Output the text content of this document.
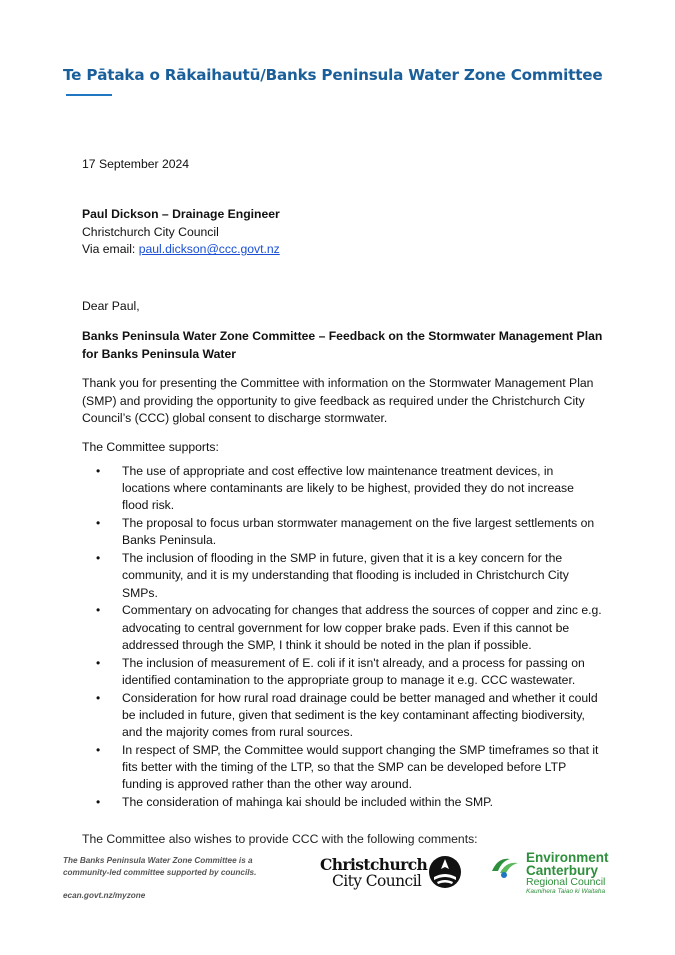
Te Pātaka o Rākaihautū/Banks Peninsula Water Zone Committee
17 September 2024
Paul Dickson – Drainage Engineer
Christchurch City Council
Via email: paul.dickson@ccc.govt.nz
Dear Paul,
Banks Peninsula Water Zone Committee – Feedback on the Stormwater Management Plan for Banks Peninsula Water
Thank you for presenting the Committee with information on the Stormwater Management Plan (SMP) and providing the opportunity to give feedback as required under the Christchurch City Council’s (CCC) global consent to discharge stormwater.
The Committee supports:
• The use of appropriate and cost effective low maintenance treatment devices, in locations where contaminants are likely to be highest, provided they do not increase flood risk.
• The proposal to focus urban stormwater management on the five largest settlements on Banks Peninsula.
• The inclusion of flooding in the SMP in future, given that it is a key concern for the community, and it is my understanding that flooding is included in Christchurch City SMPs.
• Commentary on advocating for changes that address the sources of copper and zinc e.g. advocating to central government for low copper brake pads. Even if this cannot be addressed through the SMP, I think it should be noted in the plan if possible.
• The inclusion of measurement of E. coli if it isn't already, and a process for passing on identified contamination to the appropriate group to manage it e.g. CCC wastewater.
• Consideration for how rural road drainage could be better managed and whether it could be included in future, given that sediment is the key contaminant affecting biodiversity, and the majority comes from rural sources.
• In respect of SMP, the Committee would support changing the SMP timeframes so that it fits better with the timing of the LTP, so that the SMP can be developed before LTP funding is approved rather than the other way around.
• The consideration of mahinga kai should be included within the SMP.
The Committee also wishes to provide CCC with the following comments:
The Banks Peninsula Water Zone Committee is a community-led committee supported by councils.
ecan.govt.nz/myzone
Christchurch
City Council
Environment
Canterbury
Regional Council
Kaunihera Taiao ki Waitaha
